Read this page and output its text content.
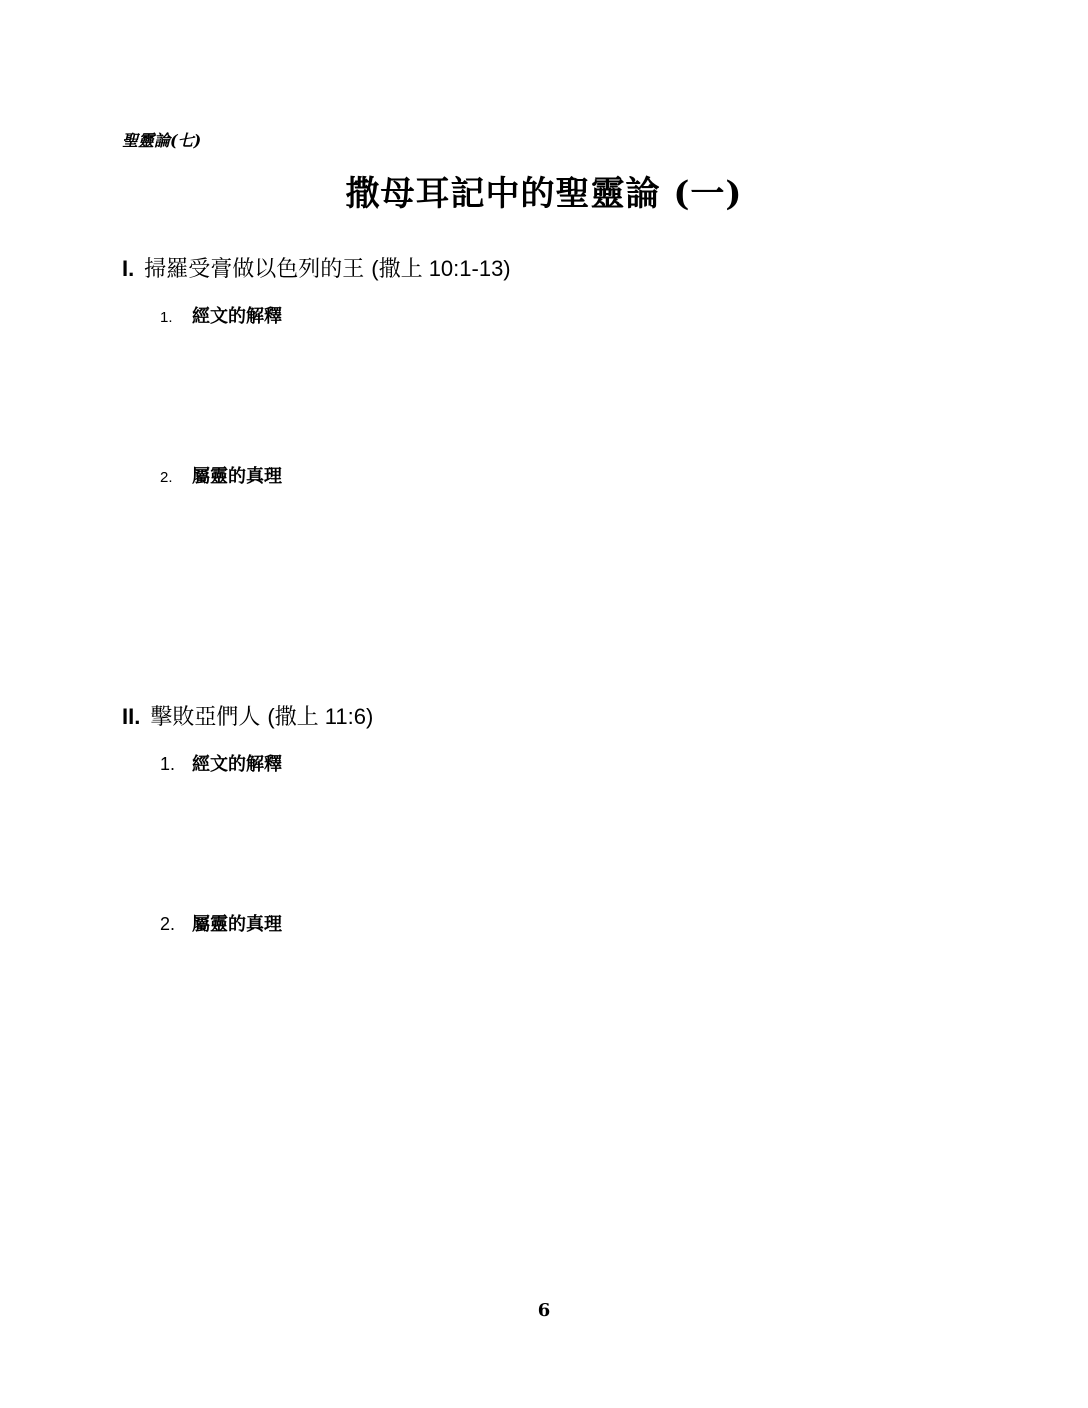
聖靈論(七)
撒母耳記中的聖靈論 (一)
I. 掃羅受膏做以色列的王 (撒上 10:1-13)
1. 經文的解釋
2. 屬靈的真理
II. 擊敗亞們人 (撒上 11:6)
1. 經文的解釋
2. 屬靈的真理
6
